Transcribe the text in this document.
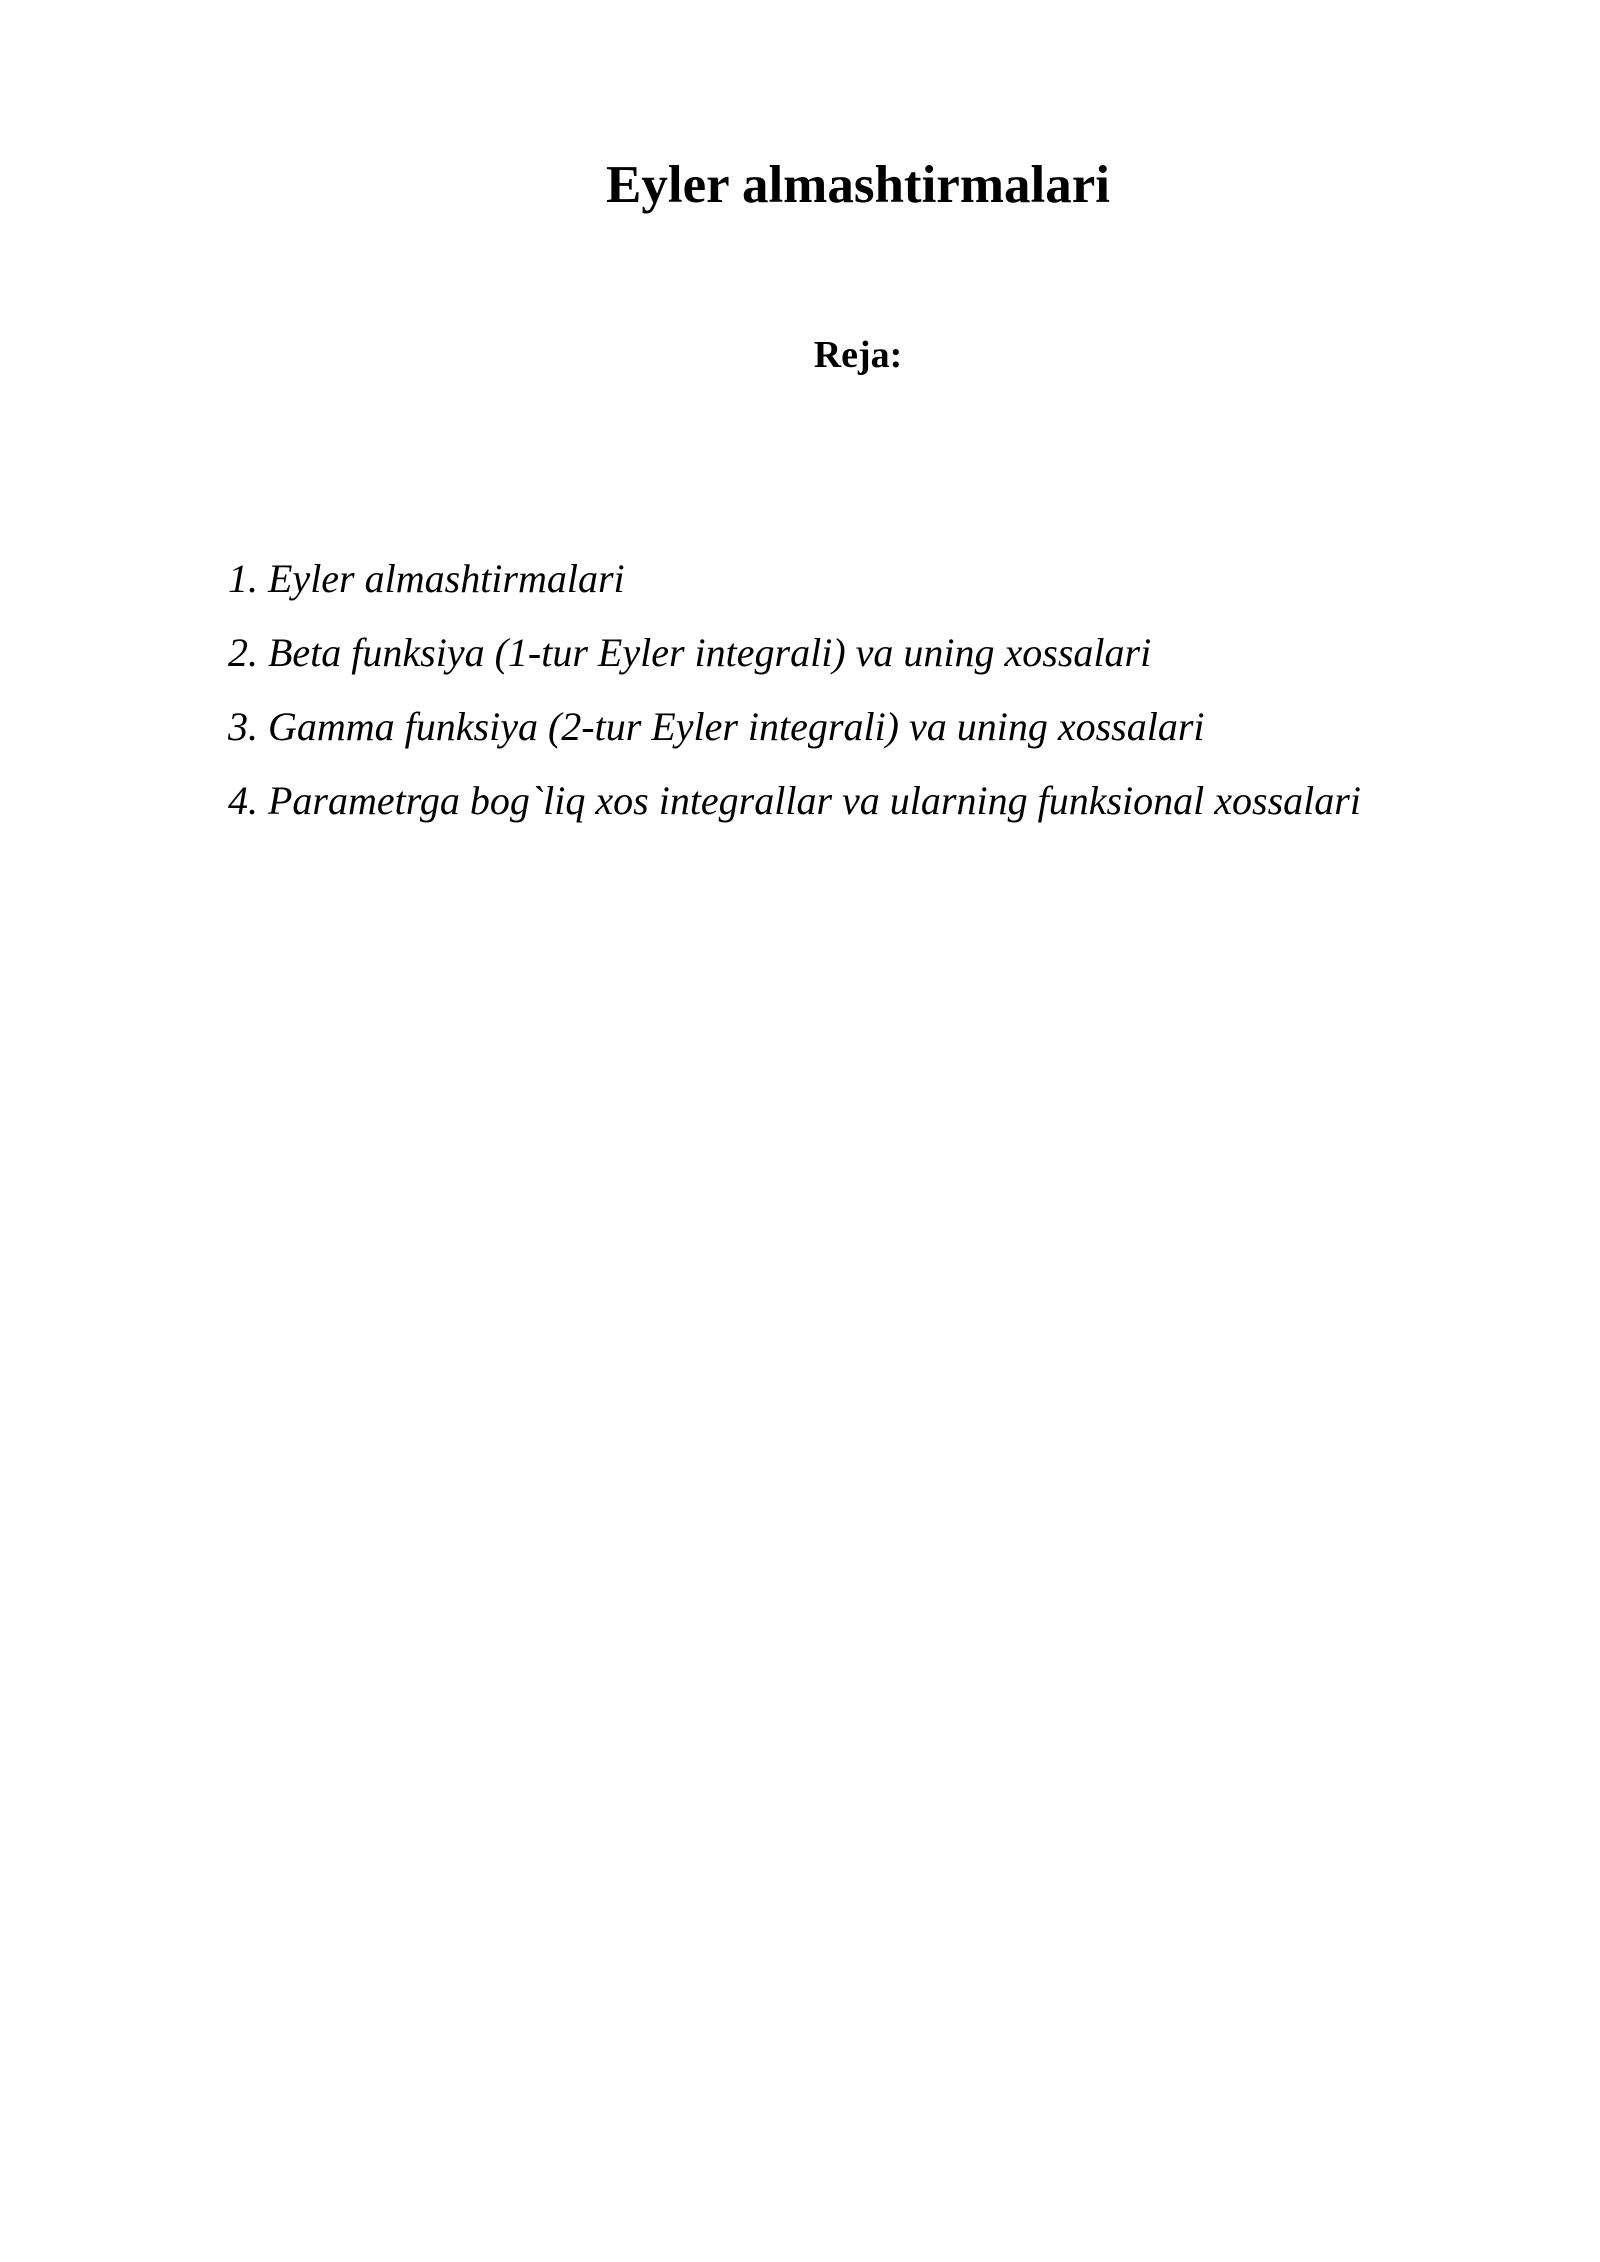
Eyler almashtirmalari
Reja:
1. Eyler almashtirmalari
2. Beta funksiya (1-tur Eyler integrali) va uning xossalari
3. Gamma funksiya (2-tur Eyler integrali) va uning xossalari
4. Parametrga bog`liq xos integrallar va ularning funksional xossalari
